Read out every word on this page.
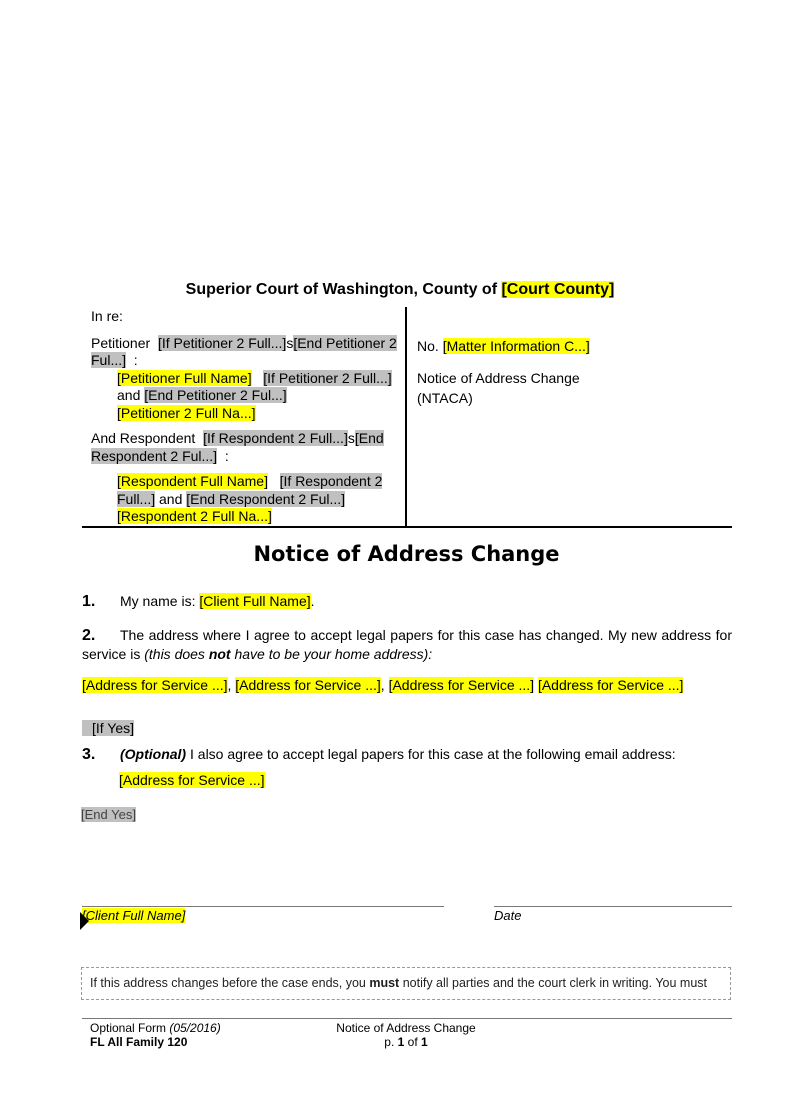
Superior Court of Washington, County of [Court County]

In re:

Petitioner [If Petitioner 2 Full...]s[End Petitioner 2 Ful...] :

[Petitioner Full Name] [If Petitioner 2 Full...] and [End Petitioner 2 Ful...]
[Petitioner 2 Full Na...]

And Respondent [If Respondent 2 Full...]s[End Respondent 2 Ful...] :

[Respondent Full Name] [If Respondent 2 Full...] and [End Respondent 2 Ful...]
[Respondent 2 Full Na...]

No. [Matter Information C...]

Notice of Address Change

(NTACA)

Notice of Address Change
1. My name is: [Client Full Name].
2. The address where I agree to accept legal papers for this case has changed. My new address for service is (this does not have to be your home address):
[Address for Service ...], [Address for Service ...], [Address for Service ...] [Address for Service ...]
[If Yes]
3. (Optional) I also agree to accept legal papers for this case at the following email address:
[Address for Service ...]
[End Yes]
[Client Full Name]	Date
If this address changes before the case ends, you must notify all parties and the court clerk in writing. You must
Optional Form (05/2016)
FL All Family 120
Notice of Address Change
p. 1 of 1
